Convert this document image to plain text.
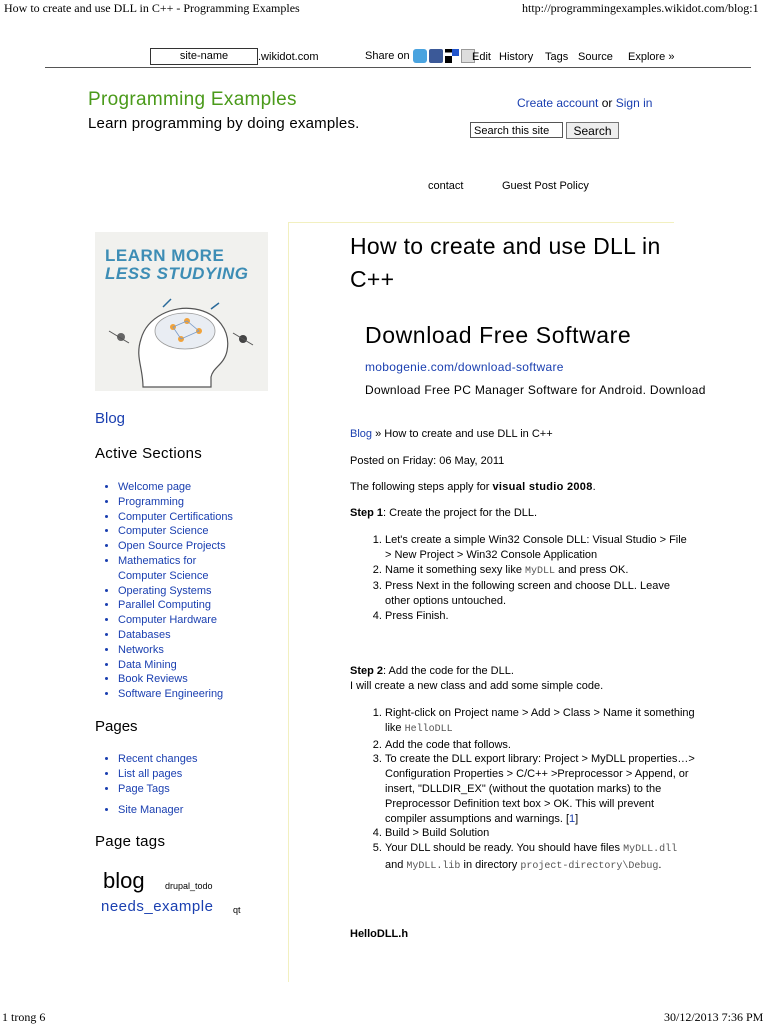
How to create and use DLL in C++ - Programming Examples	http://programmingexamples.wikidot.com/blog:1
site-name	.wikidot.com	Share on	Edit History Tags Source Explore »
Programming Examples
Learn programming by doing examples.
Create account or Sign in
Search this site	Search
contact	Guest Post Policy
LEARN MORE
LESS STUDYING
Blog
Active Sections
• Welcome page
• Programming
• Computer Certifications
• Computer Science
• Open Source Projects
• Mathematics for Computer Science
• Operating Systems
• Parallel Computing
• Computer Hardware
• Databases
• Networks
• Data Mining
• Book Reviews
• Software Engineering
Pages
• Recent changes
• List all pages
• Page Tags
• Site Manager
Page tags
blog drupal_todo
needs_example qt
How to create and use DLL in C++
Download Free Software
mobogenie.com/download-software
Download Free PC Manager Software for Android. Download
Blog » How to create and use DLL in C++
Posted on Friday: 06 May, 2011
The following steps apply for visual studio 2008.
Step 1: Create the project for the DLL.
1. Let's create a simple Win32 Console DLL: Visual Studio > File > New Project > Win32 Console Application
2. Name it something sexy like MyDLL and press OK.
3. Press Next in the following screen and choose DLL. Leave other options untouched.
4. Press Finish.
Step 2: Add the code for the DLL.
I will create a new class and add some simple code.
1. Right-click on Project name > Add > Class > Name it something like HelloDLL
2. Add the code that follows.
3. To create the DLL export library: Project > MyDLL properties…> Configuration Properties > C/C++ >Preprocessor > Append, or insert, "DLLDIR_EX" (without the quotation marks) to the Preprocessor Definition text box > OK. This will prevent compiler assumptions and warnings. [1]
4. Build > Build Solution
5. Your DLL should be ready. You should have files MyDLL.dll and MyDLL.lib in directory project-directory\Debug.
HelloDLL.h
1 trong 6	30/12/2013 7:36 PM
